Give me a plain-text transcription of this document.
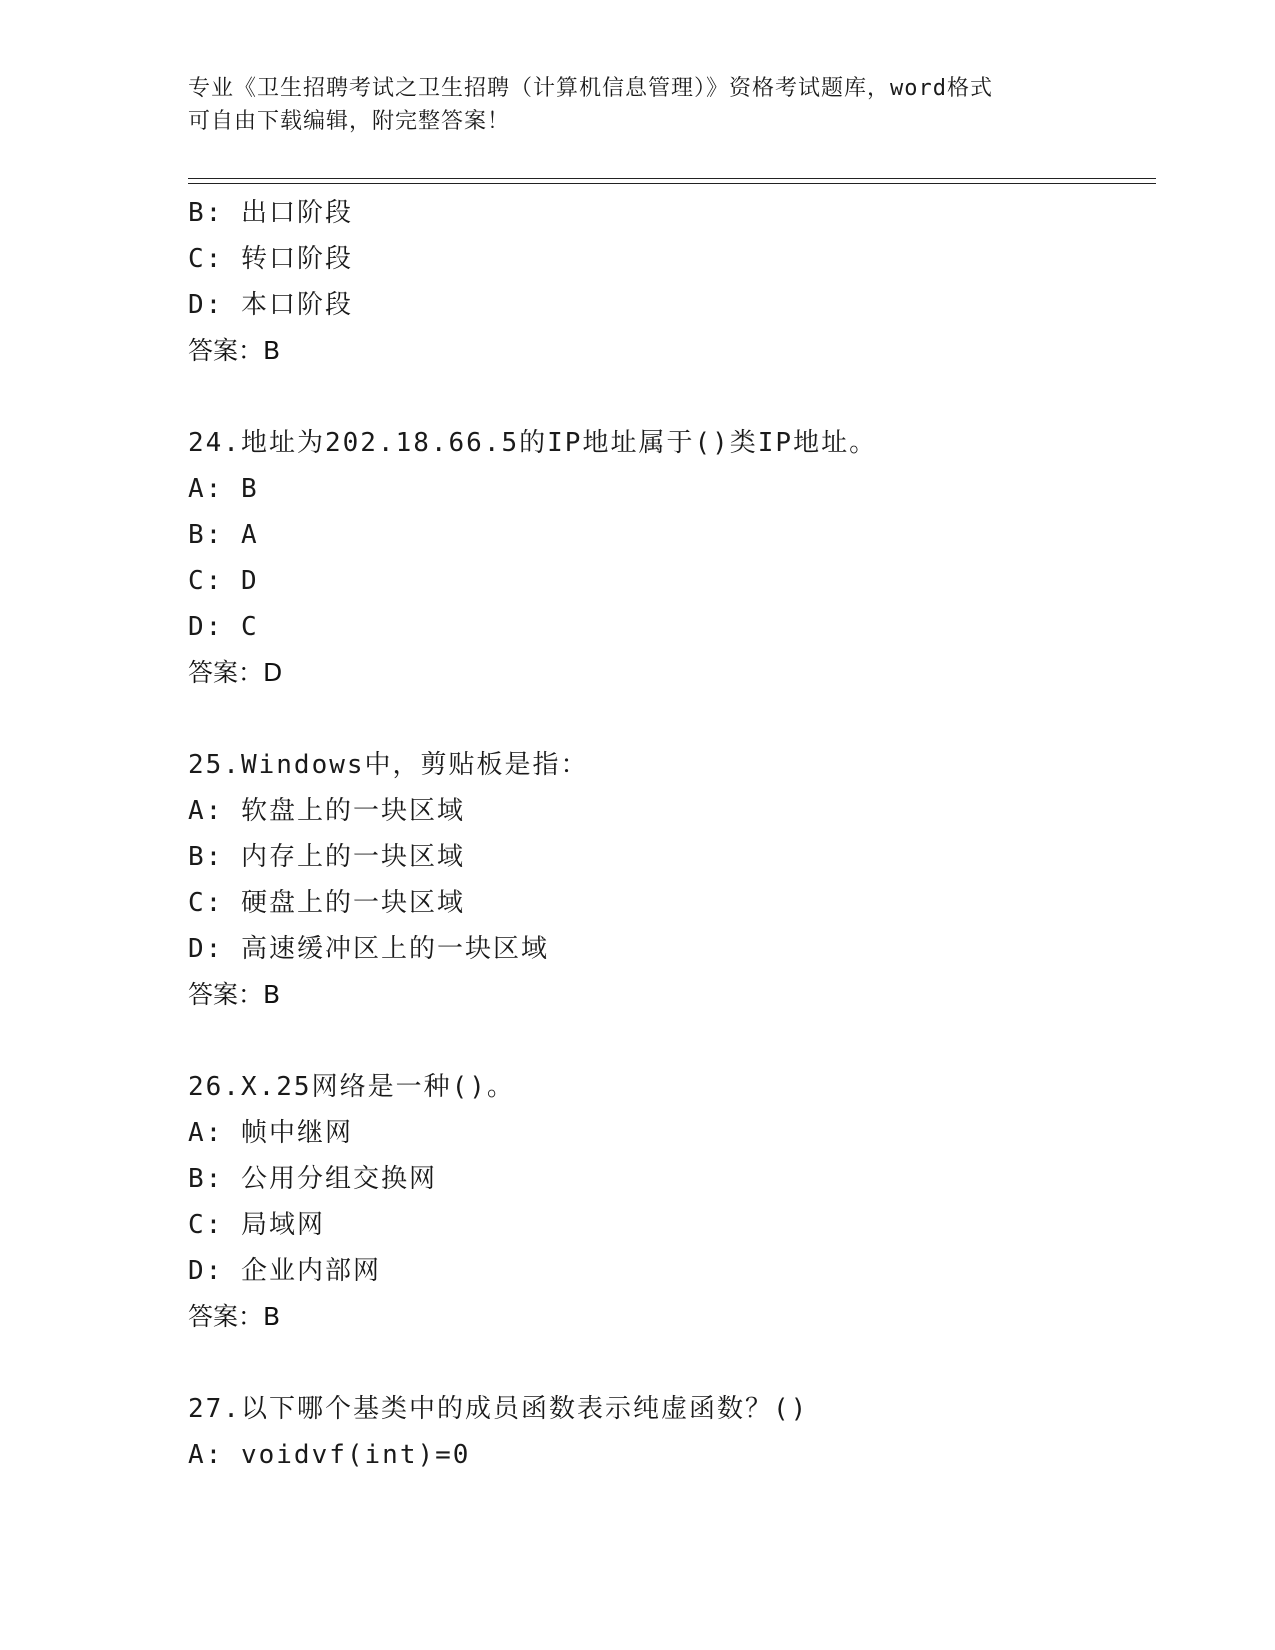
专业《卫生招聘考试之卫生招聘（计算机信息管理）》资格考试题库，word格式
可自由下载编辑，附完整答案！
B: 出口阶段
C: 转口阶段
D: 本口阶段
答案：B
24.地址为202.18.66.5的IP地址属于()类IP地址。
A: B
B: A
C: D
D: C
答案：D
25.Windows中，剪贴板是指：
A: 软盘上的一块区域
B: 内存上的一块区域
C: 硬盘上的一块区域
D: 高速缓冲区上的一块区域
答案：B
26.X.25网络是一种()。
A: 帧中继网
B: 公用分组交换网
C: 局域网
D: 企业内部网
答案：B
27.以下哪个基类中的成员函数表示纯虚函数？()
A: voidvf(int)=0
